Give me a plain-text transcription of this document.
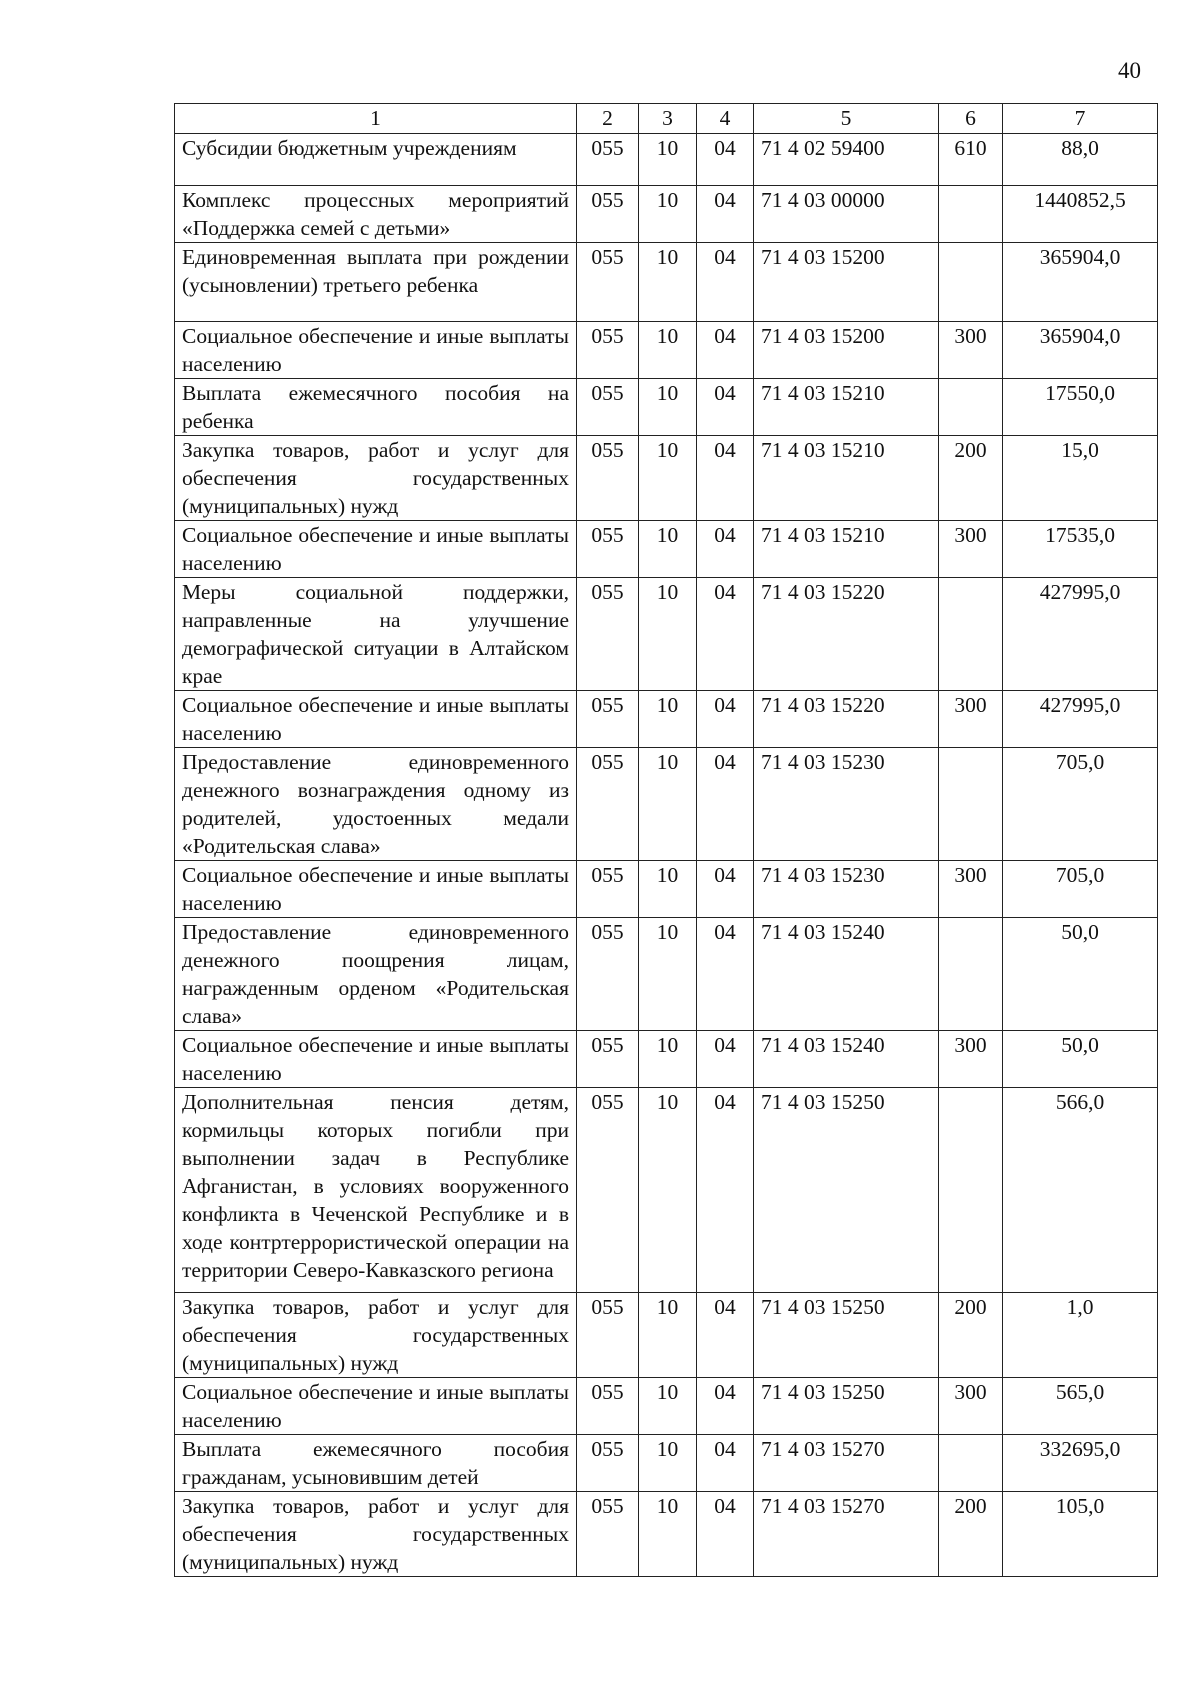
40
1	2	3	4	5	6	7
Субсидии бюджетным учреждениям	055	10	04	71 4 02 59400	610	88,0
Комплекс процессных мероприятий «Поддержка семей с детьми»	055	10	04	71 4 03 00000		1440852,5
Единовременная выплата при рождении (усыновлении) третьего ребенка	055	10	04	71 4 03 15200		365904,0
Социальное обеспечение и иные выплаты населению	055	10	04	71 4 03 15200	300	365904,0
Выплата ежемесячного пособия на ребенка	055	10	04	71 4 03 15210		17550,0
Закупка товаров, работ и услуг для обеспечения государственных (муниципальных) нужд	055	10	04	71 4 03 15210	200	15,0
Социальное обеспечение и иные выплаты населению	055	10	04	71 4 03 15210	300	17535,0
Меры социальной поддержки, направленные на улучшение демографической ситуации в Алтайском крае	055	10	04	71 4 03 15220		427995,0
Социальное обеспечение и иные выплаты населению	055	10	04	71 4 03 15220	300	427995,0
Предоставление единовременного денежного вознаграждения одному из родителей, удостоенных медали «Родительская слава»	055	10	04	71 4 03 15230		705,0
Социальное обеспечение и иные выплаты населению	055	10	04	71 4 03 15230	300	705,0
Предоставление единовременного денежного поощрения лицам, награжденным орденом «Родительская слава»	055	10	04	71 4 03 15240		50,0
Социальное обеспечение и иные выплаты населению	055	10	04	71 4 03 15240	300	50,0
Дополнительная пенсия детям, кормильцы которых погибли при выполнении задач в Республике Афганистан, в условиях вооруженного конфликта в Чеченской Республике и в ходе контртеррористической операции на территории Северо-Кавказского региона	055	10	04	71 4 03 15250		566,0
Закупка товаров, работ и услуг для обеспечения государственных (муниципальных) нужд	055	10	04	71 4 03 15250	200	1,0
Социальное обеспечение и иные выплаты населению	055	10	04	71 4 03 15250	300	565,0
Выплата ежемесячного пособия гражданам, усыновившим детей	055	10	04	71 4 03 15270		332695,0
Закупка товаров, работ и услуг для обеспечения государственных (муниципальных) нужд	055	10	04	71 4 03 15270	200	105,0
